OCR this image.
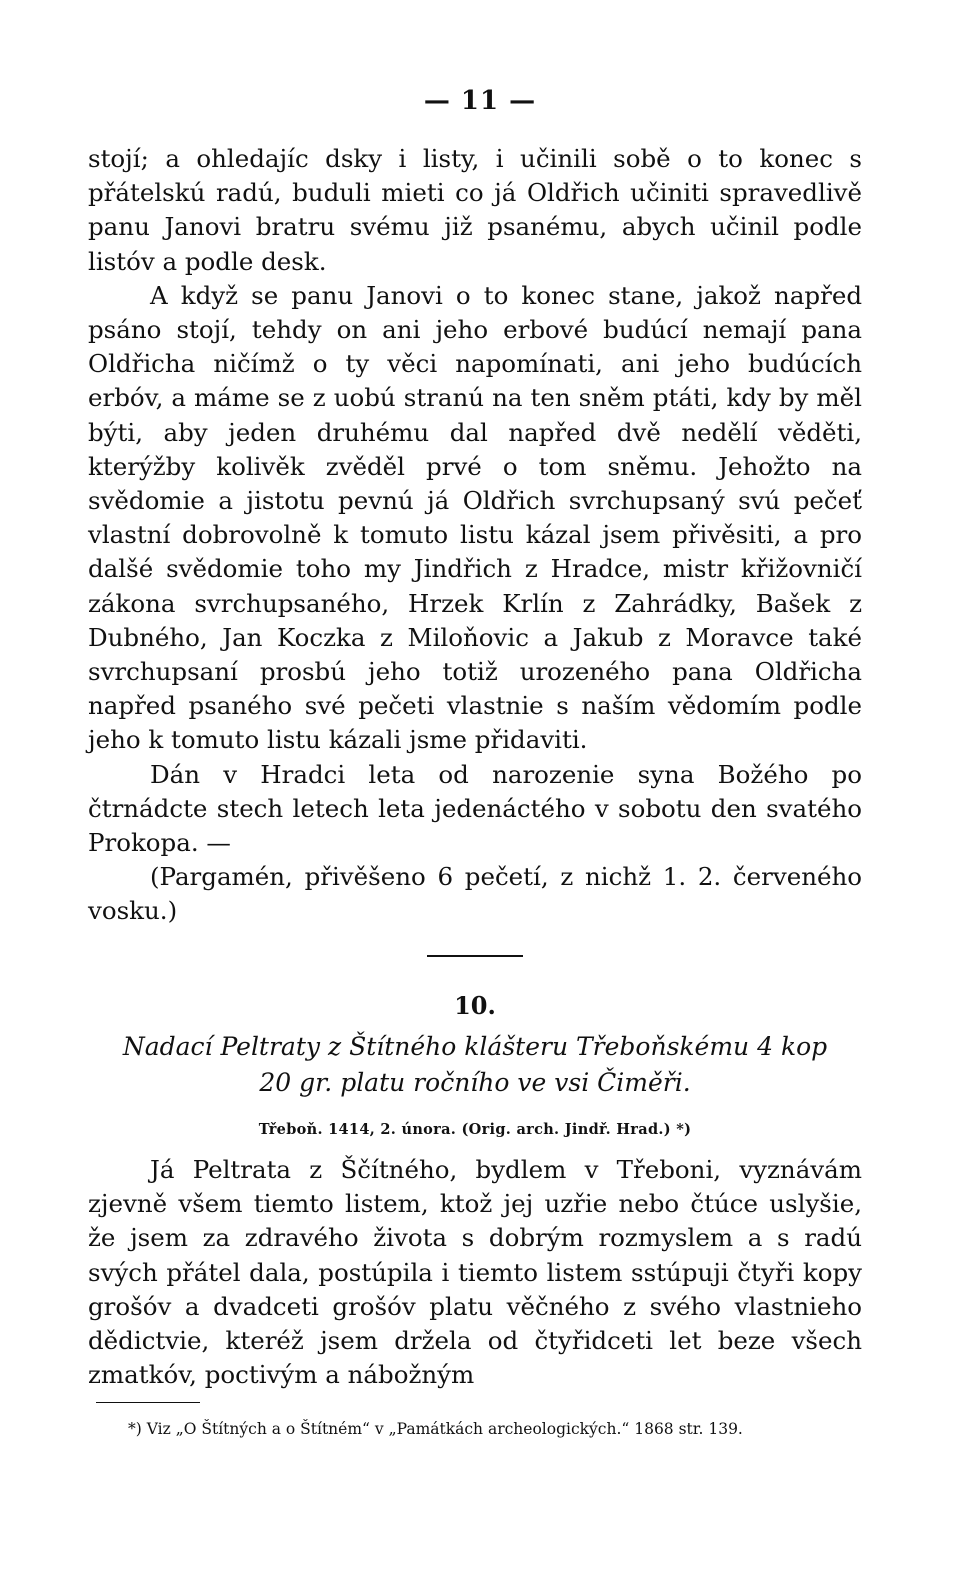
— 11 —

stojí; a ohledajíc dsky i listy, i učinili sobě o to konec s přátelskú radú, buduli mieti co já Oldřich učiniti spravedlivě panu Janovi bratru svému již psanému, abych učinil podle listóv a podle desk.

A když se panu Janovi o to konec stane, jakož napřed psáno stojí, tehdy on ani jeho erbové budúcí nemají pana Oldřicha ničímž o ty věci napomínati, ani jeho budúcích erbóv, a máme se z uobú stranú na ten sněm ptáti, kdy by měl býti, aby jeden druhému dal napřed dvě nedělí věděti, kterýžby kolivěk zvěděl prvé o tom sněmu. Jehožto na svědomie a jistotu pevnú já Oldřich svrchupsaný svú pečeť vlastní dobrovolně k tomuto listu kázal jsem přivěsiti, a pro dalšé svědomie toho my Jindřich z Hradce, mistr křižovničí zákona svrchupsaného, Hrzek Krlín z Zahrádky, Bašek z Dubného, Jan Koczka z Miloňovic a Jakub z Moravce také svrchupsaní prosbú jeho totiž urozeného pana Oldřicha napřed psaného své pečeti vlastnie s naším vědomím podle jeho k tomuto listu kázali jsme přidaviti.

Dán v Hradci leta od narozenie syna Božého po čtrnádcte stech letech leta jedenáctého v sobotu den svatého Prokopa. —

(Pargamén, přivěšeno 6 pečetí, z nichž 1. 2. červeného vosku.)

10.
Nadací Peltraty z Štítného klášteru Třeboňskému 4 kop 20 gr. platu ročního ve vsi Čiměři.
Třeboň. 1414, 2. února. (Orig. arch. Jindř. Hrad.) *)

Já Peltrata z Ščítného, bydlem v Třeboni, vyznávám zjevně všem tiemto listem, ktož jej uzřie nebo čtúce uslyšie, že jsem za zdravého života s dobrým rozmyslem a s radú svých přátel dala, postúpila i tiemto listem sstúpuji čtyři kopy grošóv a dvadceti grošóv platu věčného z svého vlastnieho dědictvie, kteréž jsem držela od čtyřidceti let beze všech zmatkóv, poctivým a nábožným

*) Viz „O Štítných a o Štítném“ v „Památkách archeologických.“ 1868 str. 139.
